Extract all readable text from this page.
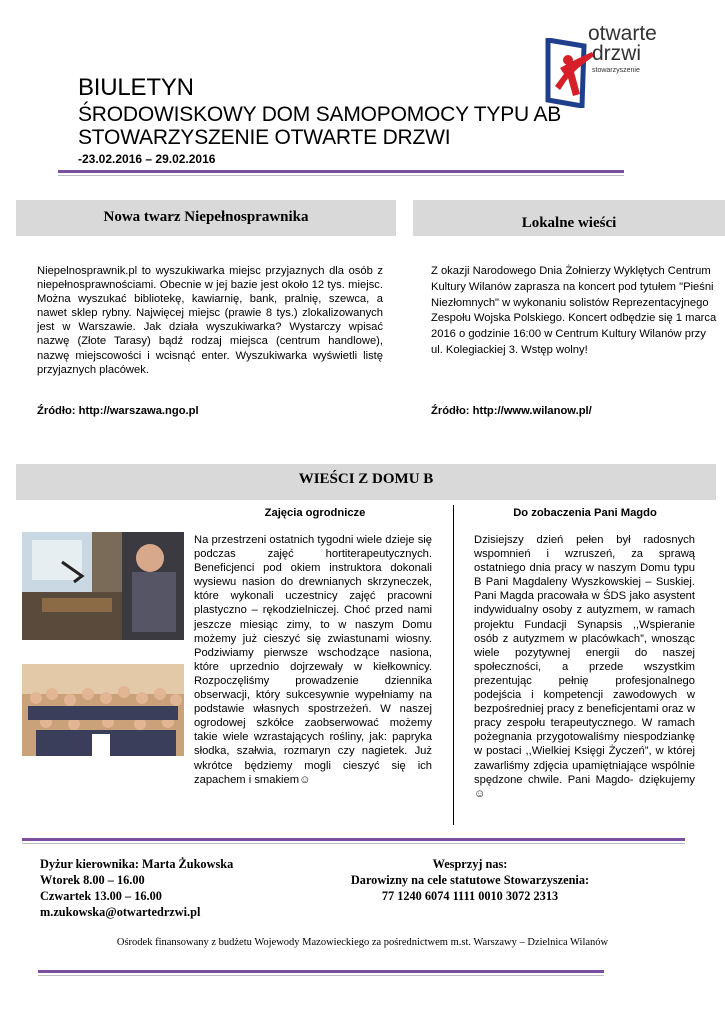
otwarte
drzwi
stowarzyszenie
BIULETYN
ŚRODOWISKOWY DOM SAMOPOMOCY TYPU AB
STOWARZYSZENIE OTWARTE DRZWI
-23.02.2016 – 29.02.2016
Nowa twarz Niepełnosprawnika
Niepelnosprawnik.pl to wyszukiwarka miejsc przyjaznych dla osób z niepełnosprawnościami. Obecnie w jej bazie jest około 12 tys. miejsc. Można wyszukać bibliotekę, kawiarnię, bank, pralnię, szewca, a nawet sklep rybny. Najwięcej miejsc (prawie 8 tys.) zlokalizowanych jest w Warszawie. Jak działa wyszukiwarka? Wystarczy wpisać nazwę (Złote Tarasy) bądź rodzaj miejsca (centrum handlowe), nazwę miejscowości i wcisnąć enter. Wyszukiwarka wyświetli listę przyjaznych placówek.
Źródło: http://warszawa.ngo.pl
Lokalne wieści
Z okazji Narodowego Dnia Żołnierzy Wyklętych Centrum Kultury Wilanów zaprasza na koncert pod tytułem "Pieśni Niezłomnych" w wykonaniu solistów Reprezentacyjnego Zespołu Wojska Polskiego. Koncert odbędzie się 1 marca 2016 o godzinie 16:00 w Centrum Kultury Wilanów przy ul. Kolegiackiej 3. Wstęp wolny!
Źródło: http://www.wilanow.pl/
WIEŚCI Z DOMU B
Zajęcia ogrodnicze
Na przestrzeni ostatnich tygodni wiele dzieje się podczas zajęć hortiterapeutycznych. Beneficjenci pod okiem instruktora dokonali wysiewu nasion do drewnianych skrzyneczek, które wykonali uczestnicy zajęć pracowni plastyczno – rękodzielniczej. Choć przed nami jeszcze miesiąc zimy, to w naszym Domu możemy już cieszyć się zwiastunami wiosny. Podziwiamy pierwsze wschodzące nasiona, które uprzednio dojrzewały w kiełkownicy. Rozpoczęliśmy prowadzenie dziennika obserwacji, który sukcesywnie wypełniamy na podstawie własnych spostrzeżeń. W naszej ogrodowej szkółce zaobserwować możemy takie wiele wzrastających rośliny, jak: papryka słodka, szałwia, rozmaryn czy nagietek. Już wkrótce będziemy mogli cieszyć się ich zapachem i smakiem☺
Do zobaczenia Pani Magdo
Dzisiejszy dzień pełen był radosnych wspomnień i wzruszeń, za sprawą ostatniego dnia pracy w naszym Domu typu B Pani Magdaleny Wyszkowskiej – Suskiej. Pani Magda pracowała w ŚDS jako asystent indywidualny osoby z autyzmem, w ramach projektu Fundacji Synapsis ,,Wspieranie osób z autyzmem w placówkach”, wnosząc wiele pozytywnej energii do naszej społeczności, a przede wszystkim prezentując pełnię profesjonalnego podejścia i kompetencji zawodowych w bezpośredniej pracy z beneficjentami oraz w pracy zespołu terapeutycznego. W ramach pożegnania przygotowaliśmy niespodziankę w postaci ,,Wielkiej Księgi Życzeń”, w której zawarliśmy zdjęcia upamiętniające wspólnie spędzone chwile. Pani Magdo- dziękujemy ☺
Dyżur kierownika: Marta Żukowska
Wtorek 8.00 – 16.00
Czwartek 13.00 – 16.00
m.zukowska@otwartedrzwi.pl
Wesprzyj nas:
Darowizny na cele statutowe Stowarzyszenia:
77 1240 6074 1111 0010 3072 2313
Ośrodek finansowany z budżetu Wojewody Mazowieckiego za pośrednictwem m.st. Warszawy – Dzielnica Wilanów
